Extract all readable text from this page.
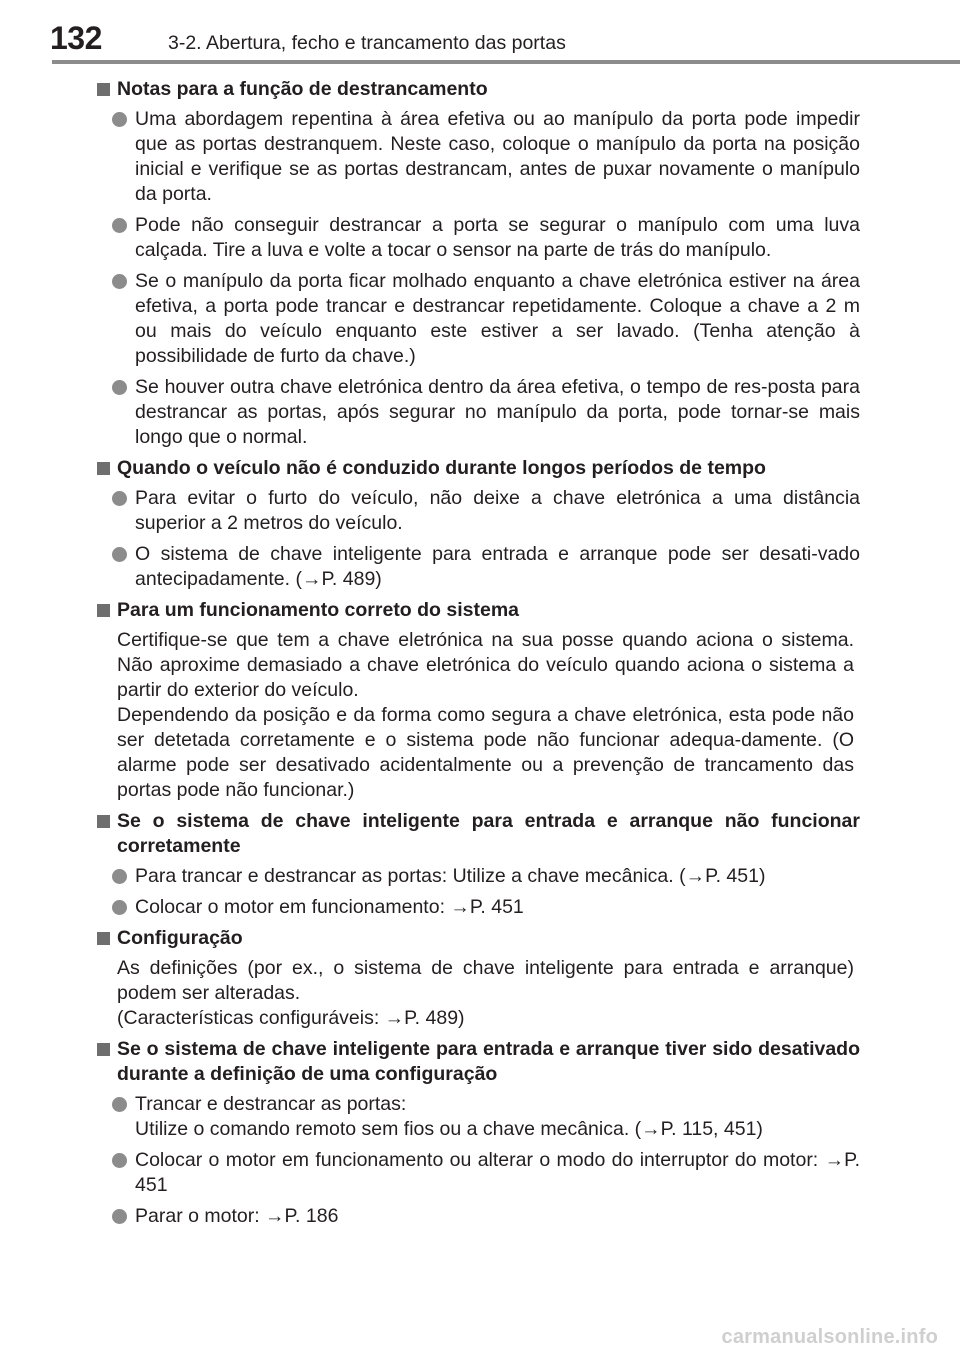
132	3-2. Abertura, fecho e trancamento das portas
Notas para a função de destrancamento
Uma abordagem repentina à área efetiva ou ao manípulo da porta pode impedir que as portas destranquem. Neste caso, coloque o manípulo da porta na posição inicial e verifique se as portas destrancam, antes de puxar novamente o manípulo da porta.
Pode não conseguir destrancar a porta se segurar o manípulo com uma luva calçada. Tire a luva e volte a tocar o sensor na parte de trás do manípulo.
Se o manípulo da porta ficar molhado enquanto a chave eletrónica estiver na área efetiva, a porta pode trancar e destrancar repetidamente. Coloque a chave a 2 m ou mais do veículo enquanto este estiver a ser lavado. (Tenha atenção à possibilidade de furto da chave.)
Se houver outra chave eletrónica dentro da área efetiva, o tempo de res-posta para destrancar as portas, após segurar no manípulo da porta, pode tornar-se mais longo que o normal.
Quando o veículo não é conduzido durante longos períodos de tempo
Para evitar o furto do veículo, não deixe a chave eletrónica a uma distância superior a 2 metros do veículo.
O sistema de chave inteligente para entrada e arranque pode ser desati-vado antecipadamente. (→P. 489)
Para um funcionamento correto do sistema
Certifique-se que tem a chave eletrónica na sua posse quando aciona o sistema. Não aproxime demasiado a chave eletrónica do veículo quando aciona o sistema a partir do exterior do veículo.
Dependendo da posição e da forma como segura a chave eletrónica, esta pode não ser detetada corretamente e o sistema pode não funcionar adequa-damente. (O alarme pode ser desativado acidentalmente ou a prevenção de trancamento das portas pode não funcionar.)
Se o sistema de chave inteligente para entrada e arranque não funcionar corretamente
Para trancar e destrancar as portas: Utilize a chave mecânica. (→P. 451)
Colocar o motor em funcionamento: →P. 451
Configuração
As definições (por ex., o sistema de chave inteligente para entrada e arranque) podem ser alteradas.
(Características configuráveis: →P. 489)
Se o sistema de chave inteligente para entrada e arranque tiver sido desativado durante a definição de uma configuração
Trancar e destrancar as portas:
Utilize o comando remoto sem fios ou a chave mecânica. (→P. 115, 451)
Colocar o motor em funcionamento ou alterar o modo do interruptor do motor: →P. 451
Parar o motor: →P. 186
carmanualsonline.info
